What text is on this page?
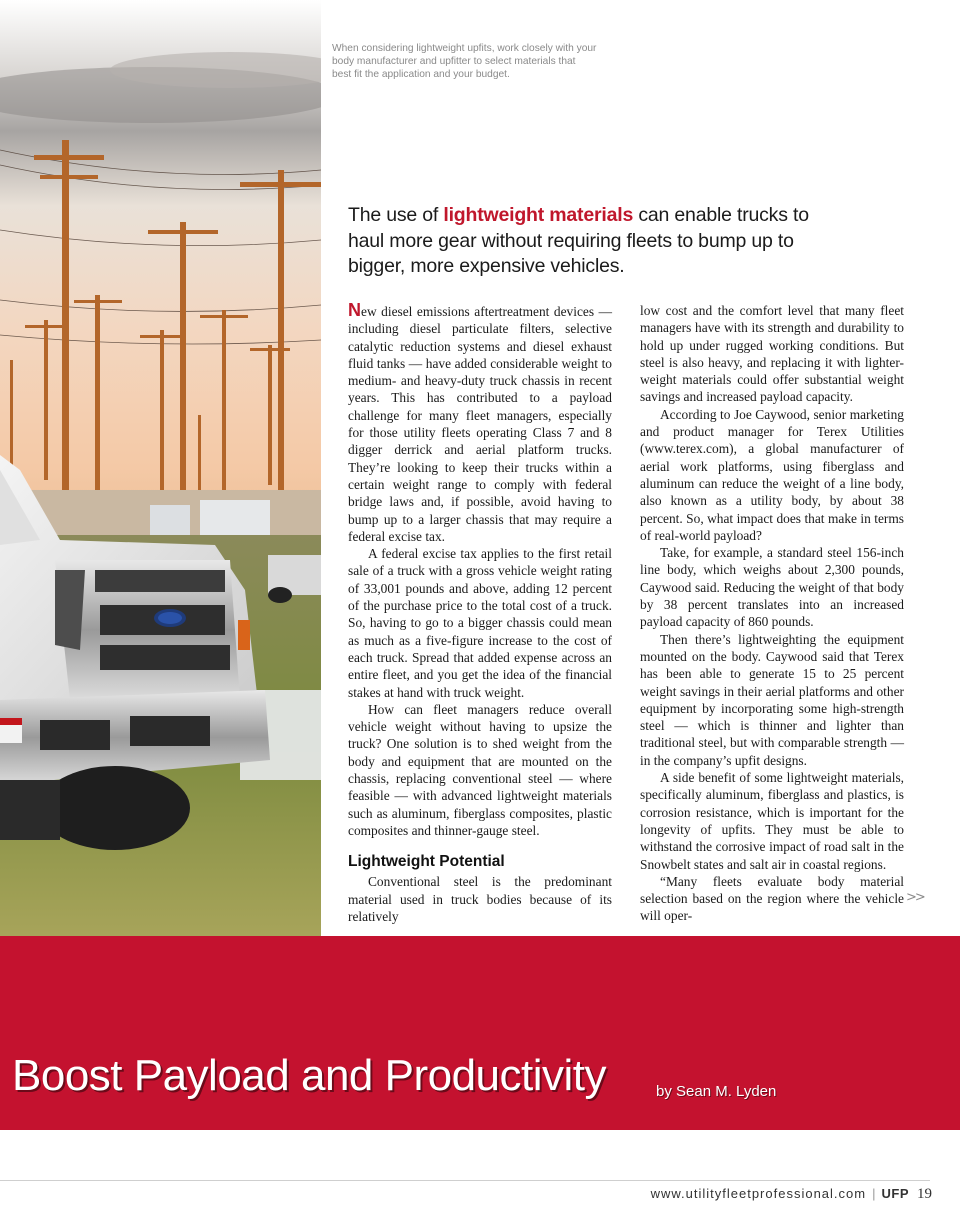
When considering lightweight upfits, work closely with your body manufacturer and upfitter to select materials that best fit the application and your budget.
The use of lightweight materials can enable trucks to haul more gear without requiring fleets to bump up to bigger, more expensive vehicles.

New diesel emissions aftertreatment devices — including diesel particulate filters, selective catalytic reduction systems and diesel exhaust fluid tanks — have added considerable weight to medium- and heavy-duty truck chassis in recent years. This has contributed to a payload challenge for many fleet managers, especially for those utility fleets operating Class 7 and 8 digger derrick and aerial platform trucks. They’re looking to keep their trucks within a certain weight range to comply with federal bridge laws and, if possible, avoid having to bump up to a larger chassis that may require a federal excise tax.

A federal excise tax applies to the first retail sale of a truck with a gross vehicle weight rating of 33,001 pounds and above, adding 12 percent of the purchase price to the total cost of a truck. So, having to go to a bigger chassis could mean as much as a five-figure increase to the cost of each truck. Spread that added expense across an entire fleet, and you get the idea of the financial stakes at hand with truck weight.

How can fleet managers reduce overall vehicle weight without having to upsize the truck? One solution is to shed weight from the body and equipment that are mounted on the chassis, replacing conventional steel — where feasible — with advanced lightweight materials such as aluminum, fiberglass composites, plastic composites and thinner-gauge steel.

Lightweight Potential

Conventional steel is the predominant material used in truck bodies because of its relatively

low cost and the comfort level that many fleet managers have with its strength and durability to hold up under rugged working conditions. But steel is also heavy, and replacing it with lighter-weight materials could offer substantial weight savings and increased payload capacity.

According to Joe Caywood, senior marketing and product manager for Terex Utilities (www.terex.com), a global manufacturer of aerial work platforms, using fiberglass and aluminum can reduce the weight of a line body, also known as a utility body, by about 38 percent. So, what impact does that make in terms of real-world payload?

Take, for example, a standard steel 156-inch line body, which weighs about 2,300 pounds, Caywood said. Reducing the weight of that body by 38 percent translates into an increased payload capacity of 860 pounds.

Then there’s lightweighting the equipment mounted on the body. Caywood said that Terex has been able to generate 15 to 25 percent weight savings in their aerial platforms and other equipment by incorporating some high-strength steel — which is thinner and lighter than traditional steel, but with comparable strength — in the company’s upfit designs.

A side benefit of some lightweight materials, specifically aluminum, fiberglass and plastics, is corrosion resistance, which is important for the longevity of upfits. They must be able to withstand the corrosive impact of road salt in the Snowbelt states and salt air in coastal regions.

“Many fleets evaluate body material selection based on the region where the vehicle will oper-

>>
Boost Payload and Productivity	by Sean M. Lyden
www.utilityfleetprofessional.com | UFP 19
